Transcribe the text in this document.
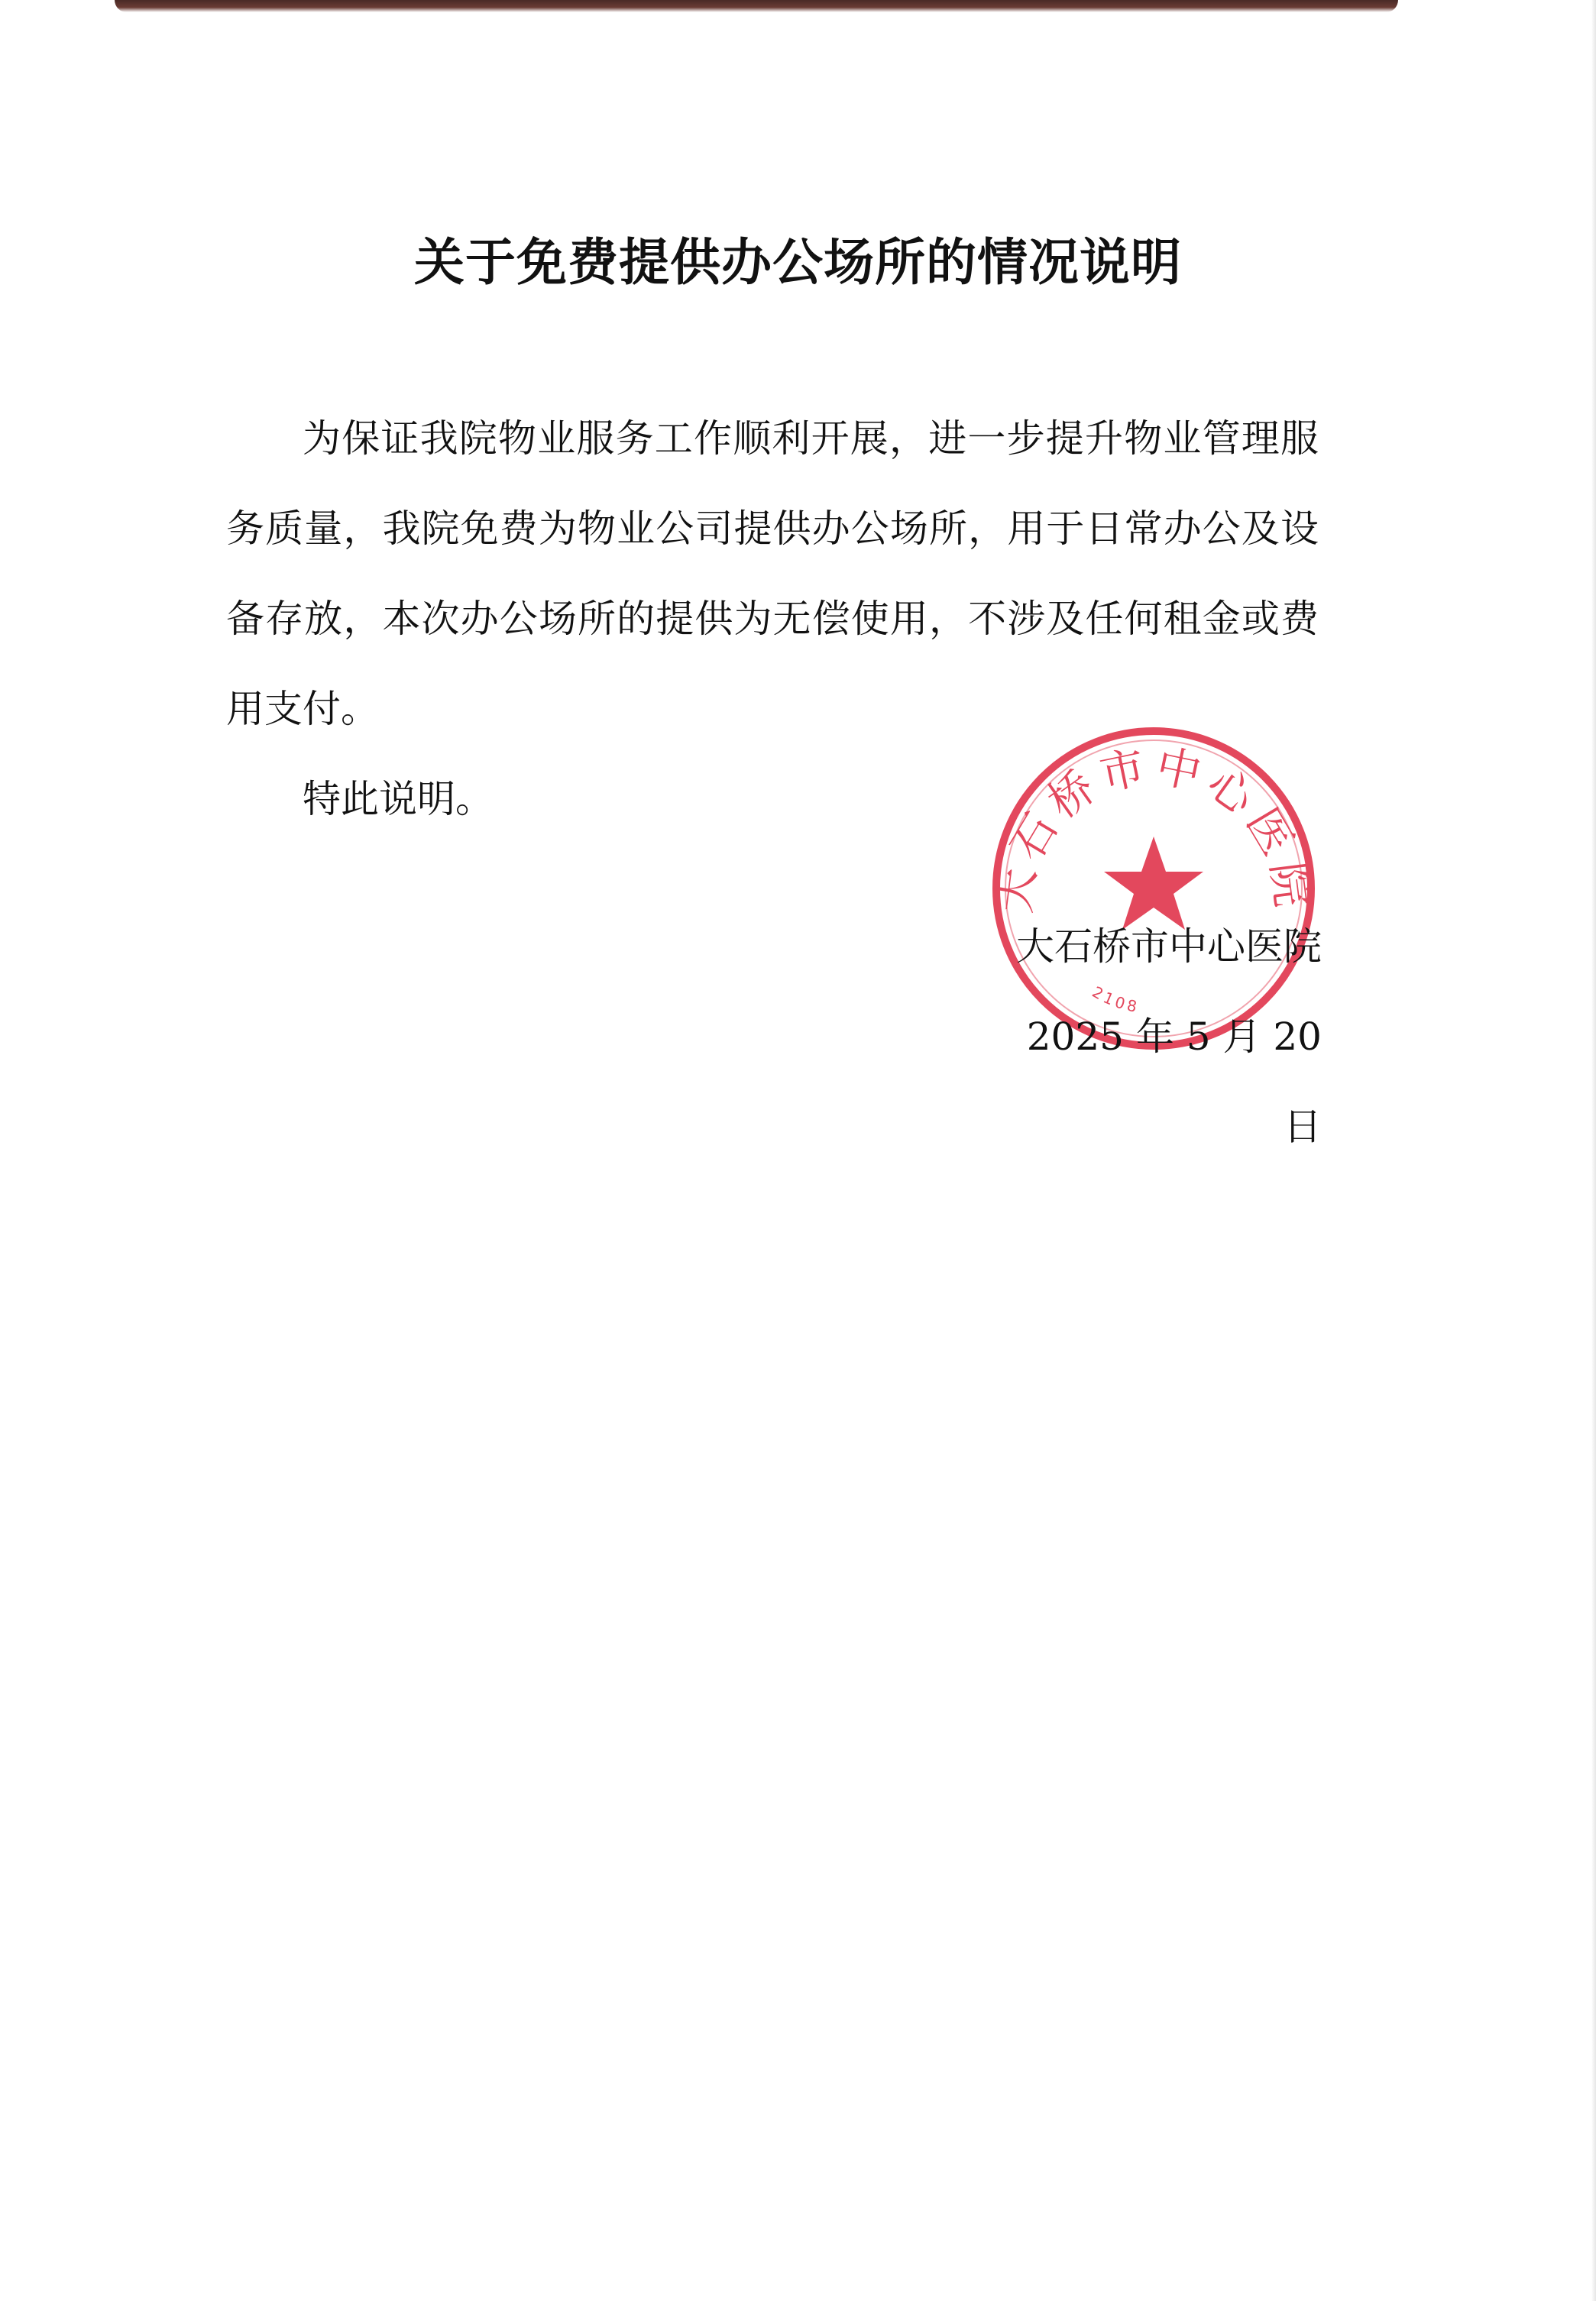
关于免费提供办公场所的情况说明

为保证我院物业服务工作顺利开展，进一步提升物业管理服务质量，我院免费为物业公司提供办公场所，用于日常办公及设备存放，本次办公场所的提供为无偿使用，不涉及任何租金或费用支付。

特此说明。

大石桥市中心医院
2108
大石桥市中心医院
2025 年 5 月 20 日
